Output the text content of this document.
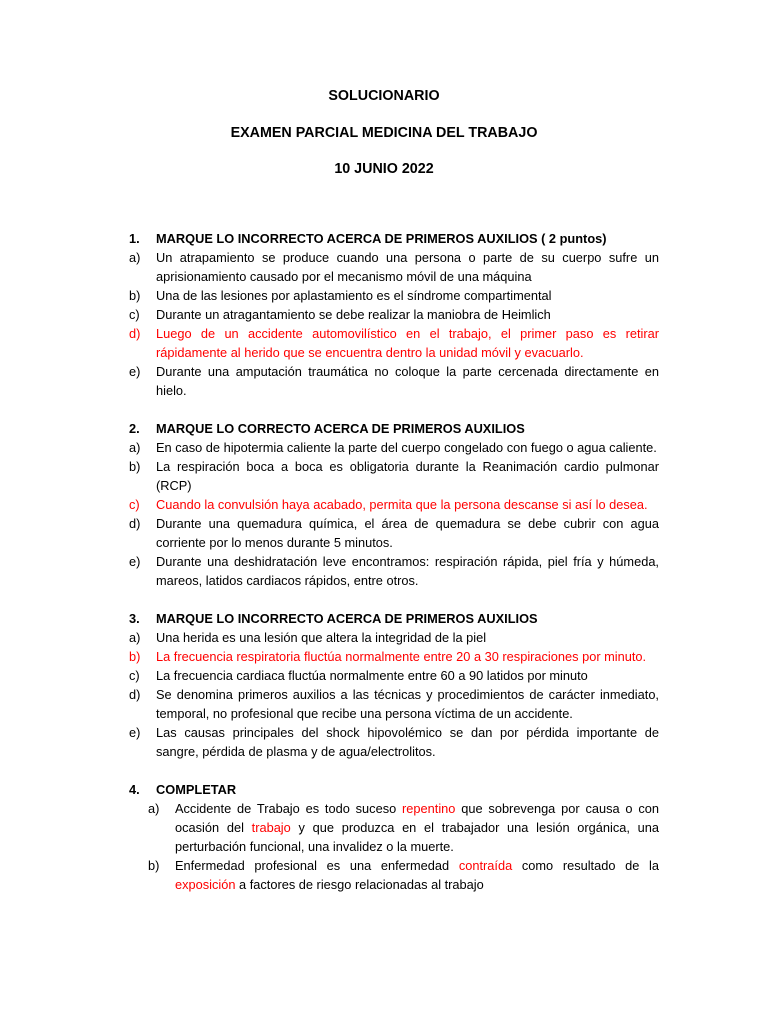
SOLUCIONARIO
EXAMEN PARCIAL MEDICINA DEL TRABAJO
10 JUNIO 2022
1.	MARQUE LO INCORRECTO ACERCA DE PRIMEROS AUXILIOS ( 2 puntos)
a)	Un atrapamiento se produce cuando una persona o parte de su cuerpo sufre un aprisionamiento causado por el mecanismo móvil de una máquina
b)	Una de las lesiones por aplastamiento es el síndrome compartimental
c)	Durante un atragantamiento se debe realizar la maniobra de Heimlich
d)	Luego de un accidente automovilístico en el trabajo, el primer paso es retirar rápidamente al herido que se encuentra dentro la unidad móvil y evacuarlo.
e)	Durante una amputación traumática no coloque la parte cercenada directamente en hielo.
2.	MARQUE LO CORRECTO ACERCA DE PRIMEROS AUXILIOS
a)	En caso de hipotermia caliente la parte del cuerpo congelado con fuego o agua caliente.
b)	La respiración boca a boca es obligatoria durante la Reanimación cardio pulmonar (RCP)
c)	Cuando la convulsión haya acabado, permita que la persona descanse si así lo desea.
d)	Durante una quemadura química, el área de quemadura se debe cubrir con agua corriente por lo menos durante 5 minutos.
e)	Durante una deshidratación leve encontramos: respiración rápida, piel fría y húmeda, mareos, latidos cardiacos rápidos, entre otros.
3.	MARQUE LO INCORRECTO ACERCA DE PRIMEROS AUXILIOS
a)	Una herida es una lesión que altera la integridad de la piel
b)	La frecuencia respiratoria fluctúa normalmente entre 20 a 30 respiraciones por minuto.
c)	La frecuencia cardiaca fluctúa normalmente entre 60 a 90 latidos por minuto
d)	Se denomina primeros auxilios a las técnicas y procedimientos de carácter inmediato, temporal, no profesional que recibe una persona víctima de un accidente.
e)	Las causas principales del shock hipovolémico se dan por pérdida importante de sangre, pérdida de plasma y de agua/electrolitos.
4.	COMPLETAR
a)	Accidente de Trabajo es todo suceso repentino que sobrevenga por causa o con ocasión del trabajo y que produzca en el trabajador una lesión orgánica, una perturbación funcional, una invalidez o la muerte.
b)	Enfermedad profesional es una enfermedad contraída como resultado de la exposición a factores de riesgo relacionadas al trabajo
